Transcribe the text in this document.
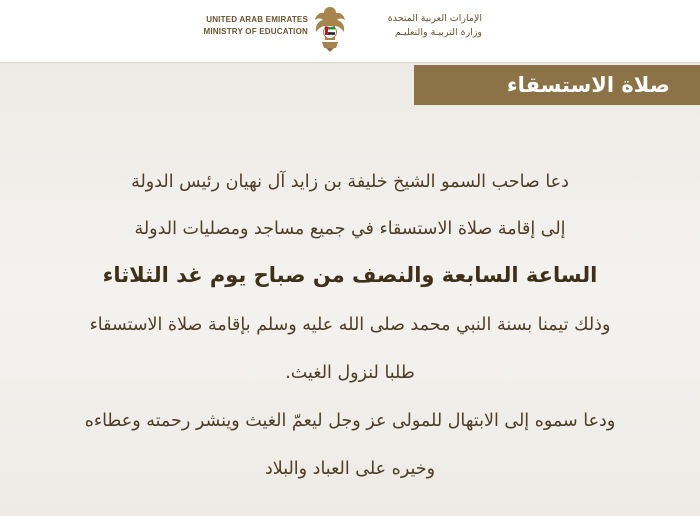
UNITED ARAB EMIRATES
MINISTRY OF EDUCATION
الإمارات العربية المتحدة
وزارة التربيـة والتعليـم
صلاة الاستسقاء
دعا صاحب السمو الشيخ خليفة بن زايد آل نهيان رئيس الدولة
إلى إقامة صلاة الاستسقاء في جميع مساجد ومصليات الدولة
الساعة السابعة والنصف من صباح يوم غد الثلاثاء
وذلك تيمنا بسنة النبي محمد صلى الله عليه وسلم بإقامة صلاة الاستسقاء
طلبا لنزول الغيث.
ودعا سموه إلى الابتهال للمولى عز وجل ليعمّ الغيث وينشر رحمته وعطاءه
وخيره على العباد والبلاد
